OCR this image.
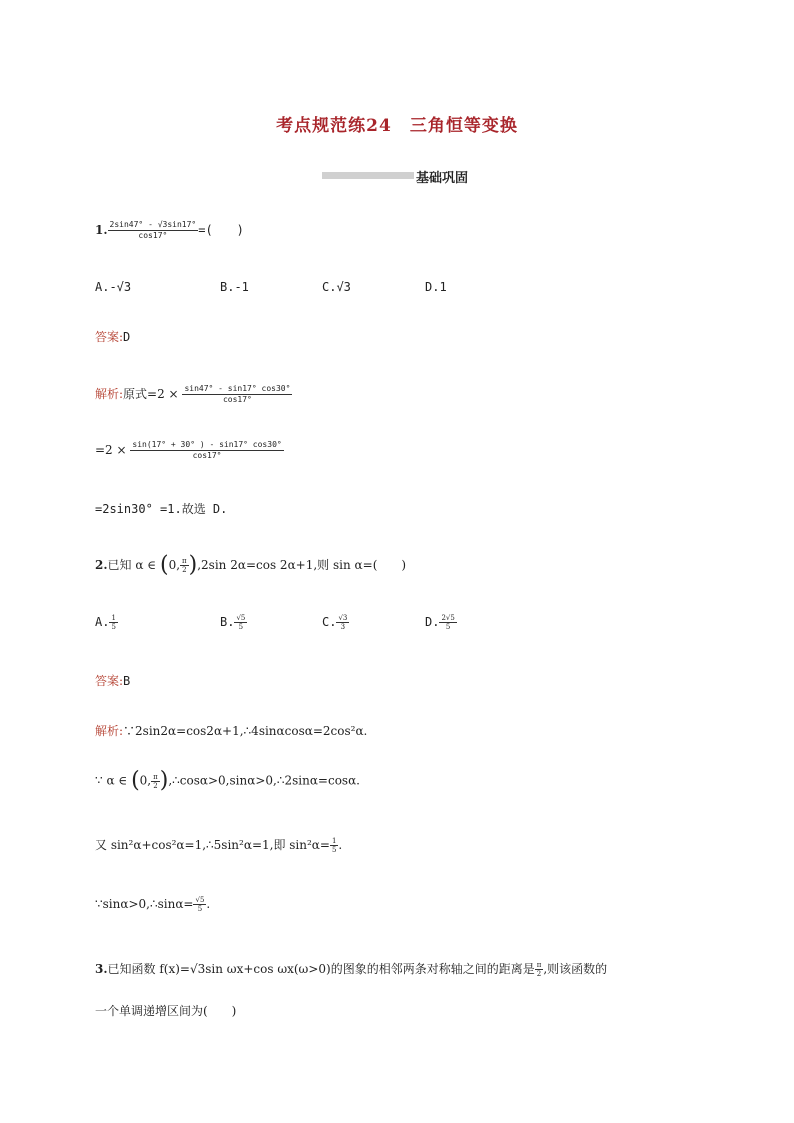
考点规范练24　三角恒等变换
基础巩固
1. $\frac{2\sin 47^\circ - √3\sin 17^\circ}{\cos 17^\circ}$ =(　　)
A.-√3	B.-1	C.√3	D.1
答案:D
解析:原式$=2 \times \frac{\sin 47^\circ - \sin 17^\circ \cos 30^\circ}{\cos 17^\circ}$
$=2 \times \frac{\sin(17^\circ + 30^\circ ) - \sin 17^\circ \cos 30^\circ}{\cos 17^\circ}$
=2sin30° =1.故选 D.
2.已知 α ∈ (0, $\frac{\pi}{2} ),2\sin$ 2α=cos 2α+1,则 sin α=(　　)
A. $\frac{1}{5}$	B. $\frac{√5}{5}$	C. $\frac{√3}{3}$	D. $\frac{2√5}{5}$
答案:B
解析:∵2sin2α=cos2α+1,∴4sinαcosα=2cos²α.
∵ α ∈ (0, $\frac{\pi}{2}$ ),∴cosα>0,sinα>0,∴2sinα=cosα.
又 sin²α+cos²α=1,∴5sin²α=1,即 $\sin^2\alpha= \frac{1}{5}$ .
∵sinα>0,∴sinα= $\frac{√5}{5}$ .
3.已知函数 f(x)=√3sin ωx+cos ωx(ω>0)的图象的相邻两条对称轴之间的距离是 $\frac{\pi}{2}$ ,则该函数的
一个单调递增区间为(　　)
